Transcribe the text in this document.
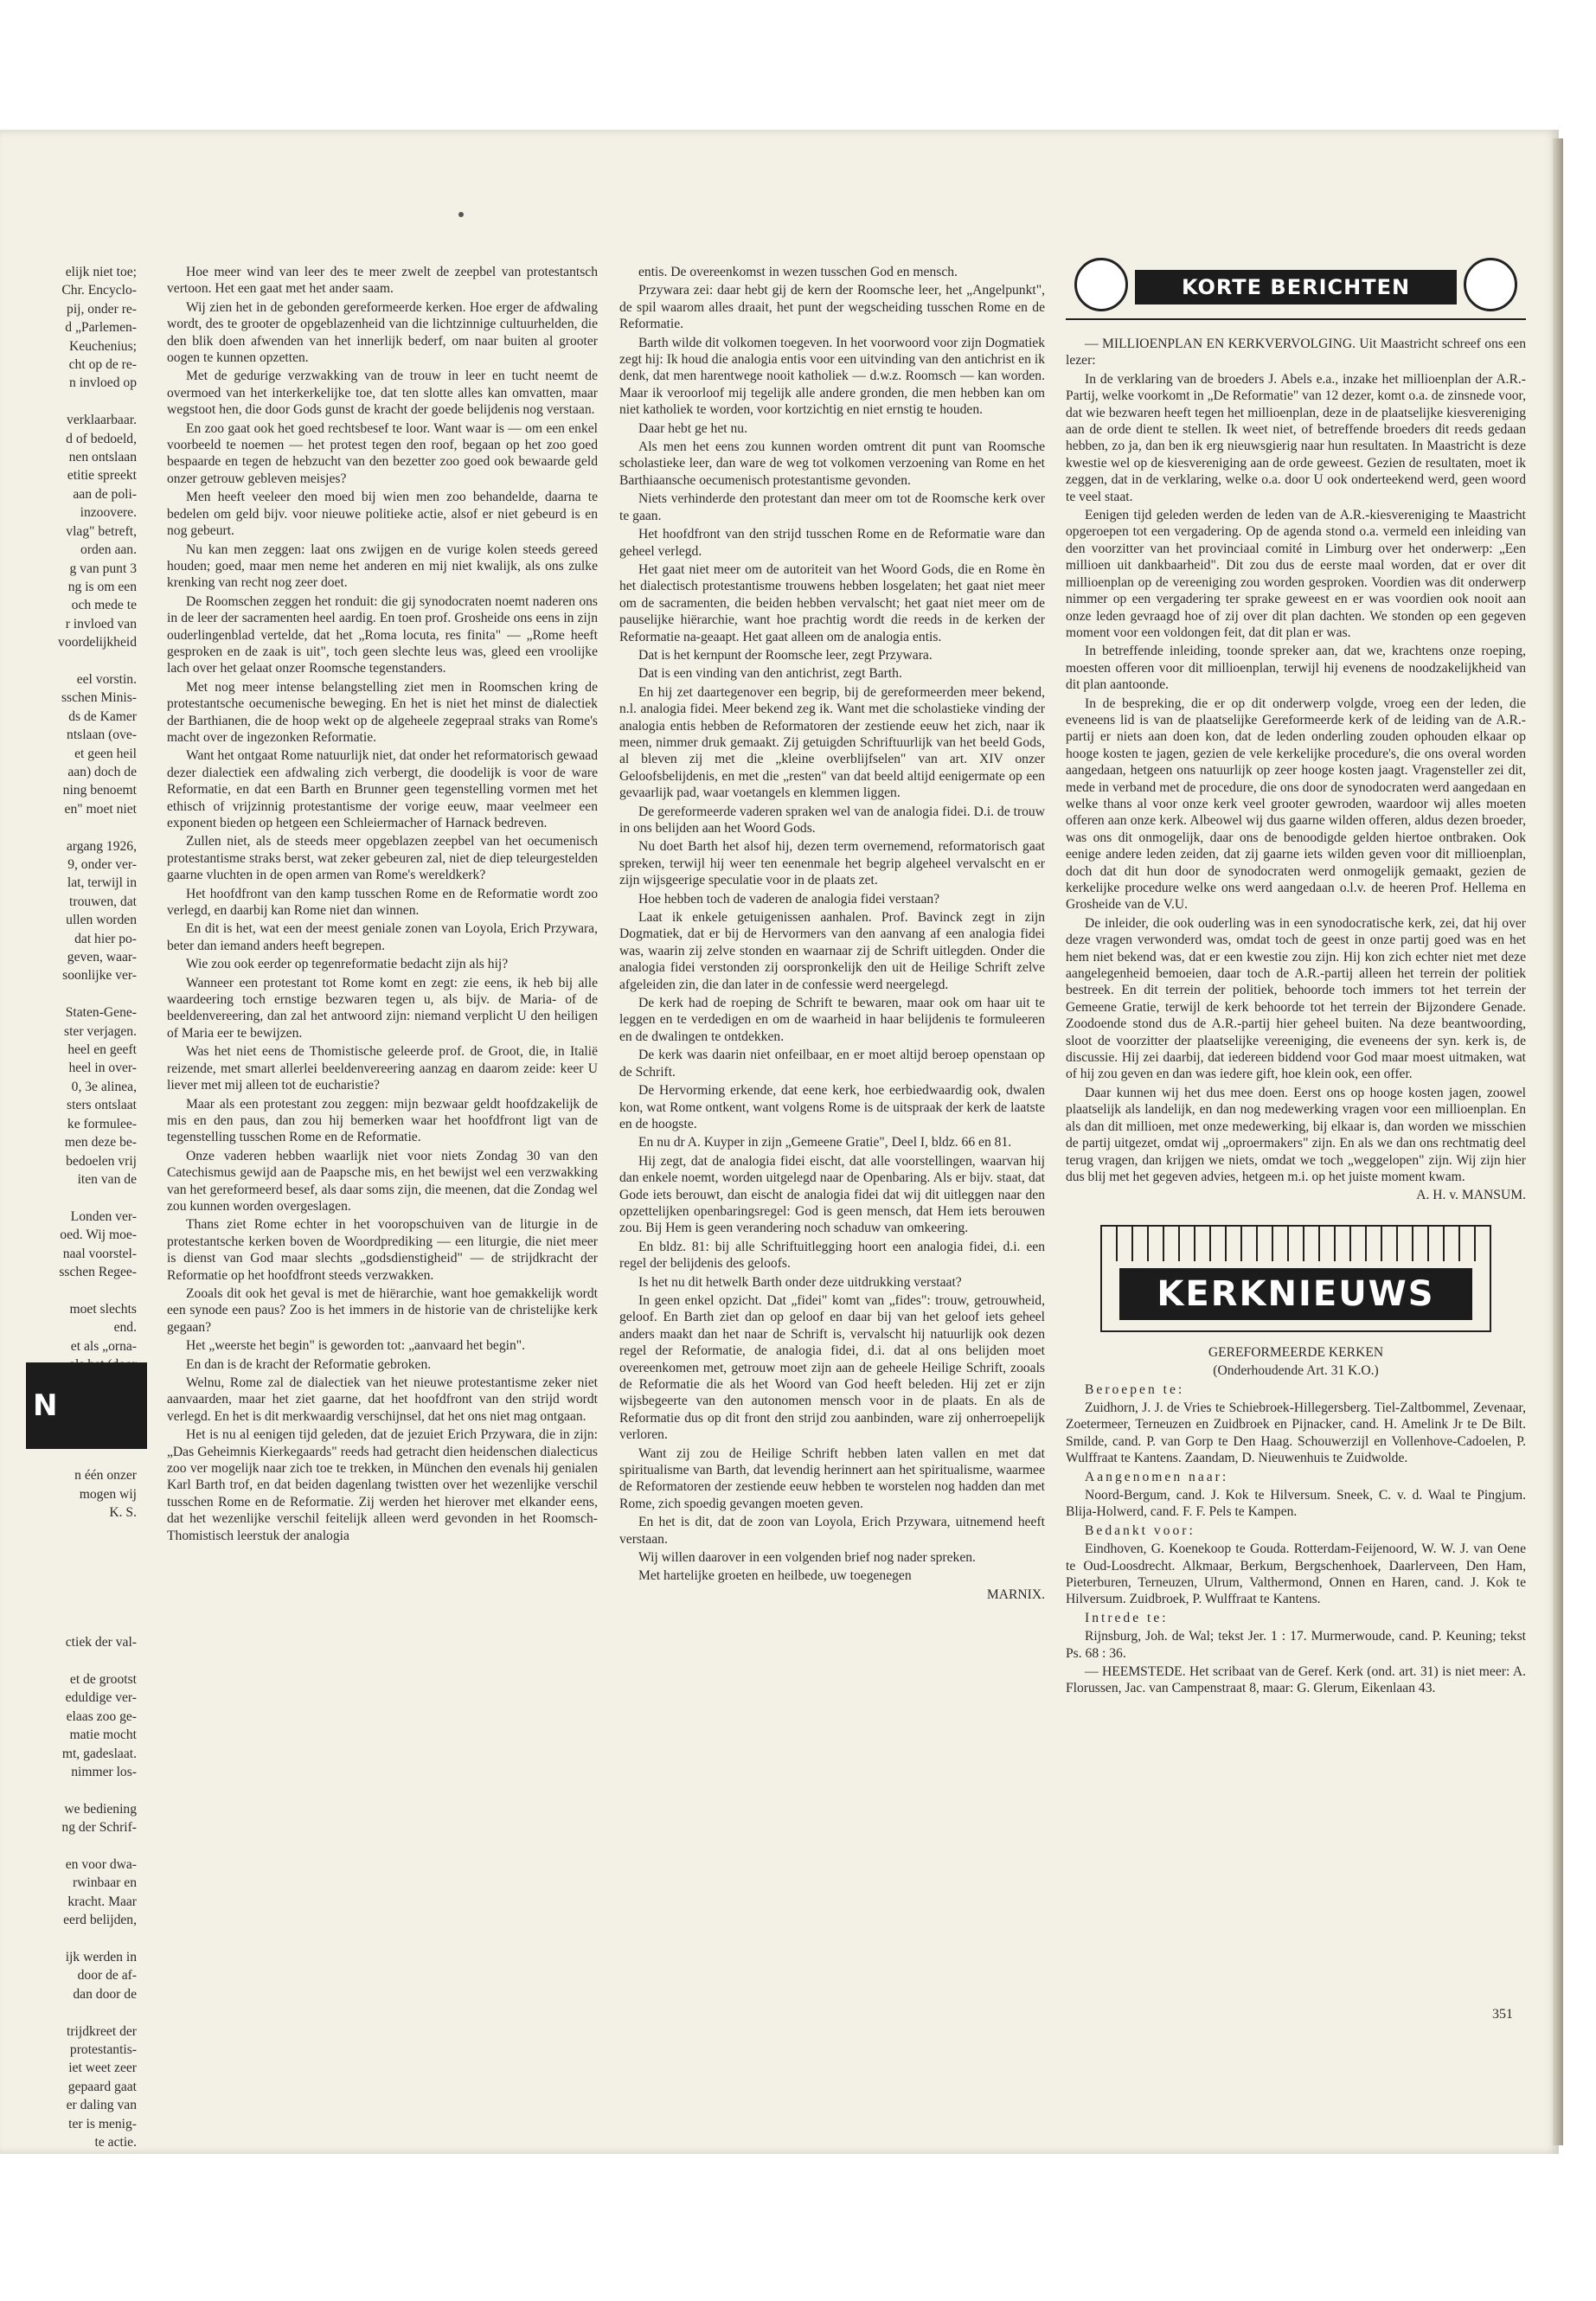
elijk niet toe;

Chr. Encyclo-

pij, onder re-

d „Parlemen-

Keuchenius;

cht op de re-

n invloed op

verklaarbaar.

d of bedoeld,

nen ontslaan

etitie spreekt

aan de poli-

inzoovere.

vlag" betreft,

orden aan.

g van punt 3

ng is om een

och mede te

r invloed van

voordelijkheid

eel vorstin.

sschen Minis-

ds de Kamer

ntslaan (ove-

et geen heil

aan) doch de

ning benoemt

en" moet niet

argang 1926,

9, onder ver-

lat, terwijl in

trouwen, dat

ullen worden

dat hier po-

geven, waar-

soonlijke ver-

Staten-Gene-

ster verjagen.

heel en geeft

heel in over-

0, 3e alinea,

sters ontslaat

ke formulee-

men deze be-

bedoelen vrij

iten van de

Londen ver-

oed. Wij moe-

naal voorstel-

sschen Regee-

moet slechts

end.

et als „orna-

n één onzer

mogen wij

K. S.

ctiek der val-

et de grootst

eduldige ver-

elaas zoo ge-

matie mocht

mt, gadeslaat.

nimmer los-

we bediening

ng der Schrif-

en voor dwa-

rwinbaar en

kracht. Maar

eerd belijden,

ijk werden in

door de af-

dan door de

trijdkreet der

protestantis-

iet weet zeer

gepaard gaat

er daling van

ter is menig-

te actie.

N

Hoe meer wind van leer des te meer zwelt de zeepbel van protestantsch vertoon. Het een gaat met het ander saam.

Wij zien het in de gebonden gereformeerde kerken. Hoe erger de afdwaling wordt, des te grooter de opgeblazenheid van die lichtzinnige cultuurhelden, die den blik doen afwenden van het innerlijk bederf, om naar buiten al grooter oogen te kunnen opzetten.

Met de gedurige verzwakking van de trouw in leer en tucht neemt de overmoed van het interkerkelijke toe, dat ten slotte alles kan omvatten, maar wegstoot hen, die door Gods gunst de kracht der goede belijdenis nog verstaan.

En zoo gaat ook het goed rechtsbesef te loor. Want waar is — om een enkel voorbeeld te noemen — het protest tegen den roof, begaan op het zoo goed bespaarde en tegen de hebzucht van den bezetter zoo goed ook bewaarde geld onzer getrouw gebleven meisjes?

Men heeft veeleer den moed bij wien men zoo behandelde, daarna te bedelen om geld bijv. voor nieuwe politieke actie, alsof er niet gebeurd is en nog gebeurt.

Nu kan men zeggen: laat ons zwijgen en de vurige kolen steeds gereed houden; goed, maar men neme het anderen en mij niet kwalijk, als ons zulke krenking van recht nog zeer doet.

De Roomschen zeggen het ronduit: die gij synodocraten noemt naderen ons in de leer der sacramenten heel aardig. En toen prof. Grosheide ons eens in zijn ouderlingenblad vertelde, dat het „Roma locuta, res finita" — „Rome heeft gesproken en de zaak is uit", toch geen slechte leus was, gleed een vroolijke lach over het gelaat onzer Roomsche tegenstanders.

Met nog meer intense belangstelling ziet men in Roomschen kring de protestantsche oecumenische beweging. En het is niet het minst de dialectiek der Barthianen, die de hoop wekt op de algeheele zegepraal straks van Rome's macht over de ingezonken Reformatie.

Want het ontgaat Rome natuurlijk niet, dat onder het reformatorisch gewaad dezer dialectiek een afdwaling zich verbergt, die doodelijk is voor de ware Reformatie, en dat een Barth en Brunner geen tegenstelling vormen met het ethisch of vrijzinnig protestantisme der vorige eeuw, maar veelmeer een exponent bieden op hetgeen een Schleiermacher of Harnack bedreven.

Zullen niet, als de steeds meer opgeblazen zeepbel van het oecumenisch protestantisme straks berst, wat zeker gebeuren zal, niet de diep teleurgestelden gaarne vluchten in de open armen van Rome's wereldkerk?

Het hoofdfront van den kamp tusschen Rome en de Reformatie wordt zoo verlegd, en daarbij kan Rome niet dan winnen.

En dit is het, wat een der meest geniale zonen van Loyola, Erich Przywara, beter dan iemand anders heeft begrepen.

Wie zou ook eerder op tegenreformatie bedacht zijn als hij?

Wanneer een protestant tot Rome komt en zegt: zie eens, ik heb bij alle waardeering toch ernstige bezwaren tegen u, als bijv. de Maria- of de beeldenvereering, dan zal het antwoord zijn: niemand verplicht U den heiligen of Maria eer te bewijzen.

Was het niet eens de Thomistische geleerde prof. de Groot, die, in Italië reizende, met smart allerlei beeldenvereering aanzag en daarom zeide: keer U liever met mij alleen tot de eucharistie?

Maar als een protestant zou zeggen: mijn bezwaar geldt hoofdzakelijk de mis en den paus, dan zou hij bemerken waar het hoofdfront ligt van de tegenstelling tusschen Rome en de Reformatie.

Onze vaderen hebben waarlijk niet voor niets Zondag 30 van den Catechismus gewijd aan de Paapsche mis, en het bewijst wel een verzwakking van het gereformeerd besef, als daar soms zijn, die meenen, dat die Zondag wel zou kunnen worden overgeslagen.

Thans ziet Rome echter in het vooropschuiven van de liturgie in de protestantsche kerken boven de Woordprediking — een liturgie, die niet meer is dienst van God maar slechts „godsdienstigheid" — de strijdkracht der Reformatie op het hoofdfront steeds verzwakken.

Zooals dit ook het geval is met de hiërarchie, want hoe gemakkelijk wordt een synode een paus? Zoo is het immers in de historie van de christelijke kerk gegaan?

Het „weerste het begin" is geworden tot: „aanvaard het begin".

En dan is de kracht der Reformatie gebroken.

Welnu, Rome zal de dialectiek van het nieuwe protestantisme zeker niet aanvaarden, maar het ziet gaarne, dat het hoofdfront van den strijd wordt verlegd. En het is dit merkwaardig verschijnsel, dat het ons niet mag ontgaan.

Het is nu al eenigen tijd geleden, dat de jezuiet Erich Przywara, die in zijn: „Das Geheimnis Kierkegaards" reeds had getracht dien heidenschen dialecticus zoo ver mogelijk naar zich toe te trekken, in München den evenals hij genialen Karl Barth trof, en dat beiden dagenlang twistten over het wezenlijke verschil tusschen Rome en de Reformatie. Zij werden het hierover met elkander eens, dat het wezenlijke verschil feitelijk alleen werd gevonden in het Roomsch-Thomistisch leerstuk der analogia

entis. De overeenkomst in wezen tusschen God en mensch.

Przywara zei: daar hebt gij de kern der Roomsche leer, het „Angelpunkt", de spil waarom alles draait, het punt der wegscheiding tusschen Rome en de Reformatie.

Barth wilde dit volkomen toegeven. In het voorwoord voor zijn Dogmatiek zegt hij: Ik houd die analogia entis voor een uitvinding van den antichrist en ik denk, dat men harentwege nooit katholiek — d.w.z. Roomsch — kan worden. Maar ik veroorloof mij tegelijk alle andere gronden, die men hebben kan om niet katholiek te worden, voor kortzichtig en niet ernstig te houden.

Daar hebt ge het nu.

Als men het eens zou kunnen worden omtrent dit punt van Roomsche scholastieke leer, dan ware de weg tot volkomen verzoening van Rome en het Barthiaansche oecumenisch protestantisme gevonden.

Niets verhinderde den protestant dan meer om tot de Roomsche kerk over te gaan.

Het hoofdfront van den strijd tusschen Rome en de Reformatie ware dan geheel verlegd.

Het gaat niet meer om de autoriteit van het Woord Gods, die en Rome èn het dialectisch protestantisme trouwens hebben losgelaten; het gaat niet meer om de sacramenten, die beiden hebben vervalscht; het gaat niet meer om de pauselijke hiërarchie, want hoe prachtig wordt die reeds in de kerken der Reformatie na-geaapt. Het gaat alleen om de analogia entis.

Dat is het kernpunt der Roomsche leer, zegt Przywara.

Dat is een vinding van den antichrist, zegt Barth.

En hij zet daartegenover een begrip, bij de gereformeerden meer bekend, n.l. analogia fidei. Meer bekend zeg ik. Want met die scholastieke vinding der analogia entis hebben de Reformatoren der zestiende eeuw het zich, naar ik meen, nimmer druk gemaakt. Zij getuigden Schriftuurlijk van het beeld Gods, al bleven zij met die „kleine overblijfselen" van art. XIV onzer Geloofsbelijdenis, en met die „resten" van dat beeld altijd eenigermate op een gevaarlijk pad, waar voetangels en klemmen liggen.

De gereformeerde vaderen spraken wel van de analogia fidei. D.i. de trouw in ons belijden aan het Woord Gods.

Nu doet Barth het alsof hij, dezen term overnemend, reformatorisch gaat spreken, terwijl hij weer ten eenenmale het begrip algeheel vervalscht en er zijn wijsgeerige speculatie voor in de plaats zet.

Hoe hebben toch de vaderen de analogia fidei verstaan?

Laat ik enkele getuigenissen aanhalen. Prof. Bavinck zegt in zijn Dogmatiek, dat er bij de Hervormers van den aanvang af een analogia fidei was, waarin zij zelve stonden en waarnaar zij de Schrift uitlegden. Onder die analogia fidei verstonden zij oorspronkelijk den uit de Heilige Schrift zelve afgeleiden zin, die dan later in de confessie werd neergelegd.

De kerk had de roeping de Schrift te bewaren, maar ook om haar uit te leggen en te verdedigen en om de waarheid in haar belijdenis te formuleeren en de dwalingen te ontdekken.

De kerk was daarin niet onfeilbaar, en er moet altijd beroep openstaan op de Schrift.

De Hervorming erkende, dat eene kerk, hoe eerbiedwaardig ook, dwalen kon, wat Rome ontkent, want volgens Rome is de uitspraak der kerk de laatste en de hoogste.

En nu dr A. Kuyper in zijn „Gemeene Gratie", Deel I, bldz. 66 en 81.

Hij zegt, dat de analogia fidei eischt, dat alle voorstellingen, waarvan hij dan enkele noemt, worden uitgelegd naar de Openbaring. Als er bijv. staat, dat Gode iets berouwt, dan eischt de analogia fidei dat wij dit uitleggen naar den opzettelijken openbaringsregel: God is geen mensch, dat Hem iets berouwen zou. Bij Hem is geen verandering noch schaduw van omkeering.

En bldz. 81: bij alle Schriftuitlegging hoort een analogia fidei, d.i. een regel der belijdenis des geloofs.

Is het nu dit hetwelk Barth onder deze uitdrukking verstaat?

In geen enkel opzicht. Dat „fidei" komt van „fides": trouw, getrouwheid, geloof. En Barth ziet dan op geloof en daar bij van het geloof iets geheel anders maakt dan het naar de Schrift is, vervalscht hij natuurlijk ook dezen regel der Reformatie, de analogia fidei, d.i. dat al ons belijden moet overeenkomen met, getrouw moet zijn aan de geheele Heilige Schrift, zooals de Reformatie die als het Woord van God heeft beleden. Hij zet er zijn wijsbegeerte van den autonomen mensch voor in de plaats. En als de Reformatie dus op dit front den strijd zou aanbinden, ware zij onherroepelijk verloren.

Want zij zou de Heilige Schrift hebben laten vallen en met dat spiritualisme van Barth, dat levendig herinnert aan het spiritualisme, waarmee de Reformatoren der zestiende eeuw hebben te worstelen nog hadden dan met Rome, zich spoedig gevangen moeten geven.

En het is dit, dat de zoon van Loyola, Erich Przywara, uitnemend heeft verstaan.

Wij willen daarover in een volgenden brief nog nader spreken.

Met hartelijke groeten en heilbede, uw toegenegen

MARNIX.

KORTE BERICHTEN

— MILLIOENPLAN EN KERKVERVOLGING. Uit Maastricht schreef ons een lezer:

In de verklaring van de broeders J. Abels e.a., inzake het millioenplan der A.R.-Partij, welke voorkomt in „De Reformatie" van 12 dezer, komt o.a. de zinsnede voor, dat wie bezwaren heeft tegen het millioenplan, deze in de plaatselijke kiesvereniging aan de orde dient te stellen. Ik weet niet, of betreffende broeders dit reeds gedaan hebben, zo ja, dan ben ik erg nieuwsgierig naar hun resultaten. In Maastricht is deze kwestie wel op de kiesvereniging aan de orde geweest. Gezien de resultaten, moet ik zeggen, dat in de verklaring, welke o.a. door U ook onderteekend werd, geen woord te veel staat.

Eenigen tijd geleden werden de leden van de A.R.-kiesvereniging te Maastricht opgeroepen tot een vergadering. Op de agenda stond o.a. vermeld een inleiding van den voorzitter van het provinciaal comité in Limburg over het onderwerp: „Een millioen uit dankbaarheid". Dit zou dus de eerste maal worden, dat er over dit millioenplan op de vereeniging zou worden gesproken. Voordien was dit onderwerp nimmer op een vergadering ter sprake geweest en er was voordien ook nooit aan onze leden gevraagd hoe of zij over dit plan dachten. We stonden op een gegeven moment voor een voldongen feit, dat dit plan er was.

In betreffende inleiding, toonde spreker aan, dat we, krachtens onze roeping, moesten offeren voor dit millioenplan, terwijl hij evenens de noodzakelijkheid van dit plan aantoonde.

In de bespreking, die er op dit onderwerp volgde, vroeg een der leden, die eveneens lid is van de plaatselijke Gereformeerde kerk of de leiding van de A.R.-partij er niets aan doen kon, dat de leden onderling zouden ophouden elkaar op hooge kosten te jagen, gezien de vele kerkelijke procedure's, die ons overal worden aangedaan, hetgeen ons natuurlijk op zeer hooge kosten jaagt. Vragensteller zei dit, mede in verband met de procedure, die ons door de synodocraten werd aangedaan en welke thans al voor onze kerk veel grooter gewroden, waardoor wij alles moeten offeren aan onze kerk. Albeowel wij dus gaarne wilden offeren, aldus dezen broeder, was ons dit onmogelijk, daar ons de benoodigde gelden hiertoe ontbraken. Ook eenige andere leden zeiden, dat zij gaarne iets wilden geven voor dit millioenplan, doch dat dit hun door de synodocraten werd onmogelijk gemaakt, gezien de kerkelijke procedure welke ons werd aangedaan o.l.v. de heeren Prof. Hellema en Grosheide van de V.U.

De inleider, die ook ouderling was in een synodocratische kerk, zei, dat hij over deze vragen verwonderd was, omdat toch de geest in onze partij goed was en het hem niet bekend was, dat er een kwestie zou zijn. Hij kon zich echter niet met deze aangelegenheid bemoeien, daar toch de A.R.-partij alleen het terrein der politiek bestreek. En dit terrein der politiek, behoorde toch immers tot het terrein der Gemeene Gratie, terwijl de kerk behoorde tot het terrein der Bijzondere Genade. Zoodoende stond dus de A.R.-partij hier geheel buiten. Na deze beantwoording, sloot de voorzitter der plaatselijke vereeniging, die eveneens der syn. kerk is, de discussie. Hij zei daarbij, dat iedereen biddend voor God maar moest uitmaken, wat of hij zou geven en dan was iedere gift, hoe klein ook, een offer.

Daar kunnen wij het dus mee doen. Eerst ons op hooge kosten jagen, zoowel plaatselijk als landelijk, en dan nog medewerking vragen voor een millioenplan. En als dan dit millioen, met onze medewerking, bij elkaar is, dan worden we misschien de partij uitgezet, omdat wij „oproermakers" zijn. En als we dan ons rechtmatig deel terug vragen, dan krijgen we niets, omdat we toch „weggelopen" zijn. Wij zijn hier dus blij met het gegeven advies, hetgeen m.i. op het juiste moment kwam.

A. H. v. MANSUM.

KERKNIEUWS

GEREFORMEERDE KERKEN

(Onderhoudende Art. 31 K.O.)

Beroepen te:

Zuidhorn, J. J. de Vries te Schiebroek-Hillegersberg. Tiel-Zaltbommel, Zevenaar, Zoetermeer, Terneuzen en Zuidbroek en Pijnacker, cand. H. Amelink Jr te De Bilt. Smilde, cand. P. van Gorp te Den Haag. Schouwerzijl en Vollenhove-Cadoelen, P. Wulffraat te Kantens. Zaandam, D. Nieuwenhuis te Zuidwolde.

Aangenomen naar:

Noord-Bergum, cand. J. Kok te Hilversum. Sneek, C. v. d. Waal te Pingjum. Blija-Holwerd, cand. F. F. Pels te Kampen.

Bedankt voor:

Eindhoven, G. Koenekoop te Gouda. Rotterdam-Feijenoord, W. W. J. van Oene te Oud-Loosdrecht. Alkmaar, Berkum, Bergschenhoek, Daarlerveen, Den Ham, Pieterburen, Terneuzen, Ulrum, Valthermond, Onnen en Haren, cand. J. Kok te Hilversum. Zuidbroek, P. Wulffraat te Kantens.

Intrede te:

Rijnsburg, Joh. de Wal; tekst Jer. 1 : 17. Murmerwoude, cand. P. Keuning; tekst Ps. 68 : 36.

— HEEMSTEDE. Het scribaat van de Geref. Kerk (ond. art. 31) is niet meer: A. Florussen, Jac. van Campenstraat 8, maar: G. Glerum, Eikenlaan 43.

351
